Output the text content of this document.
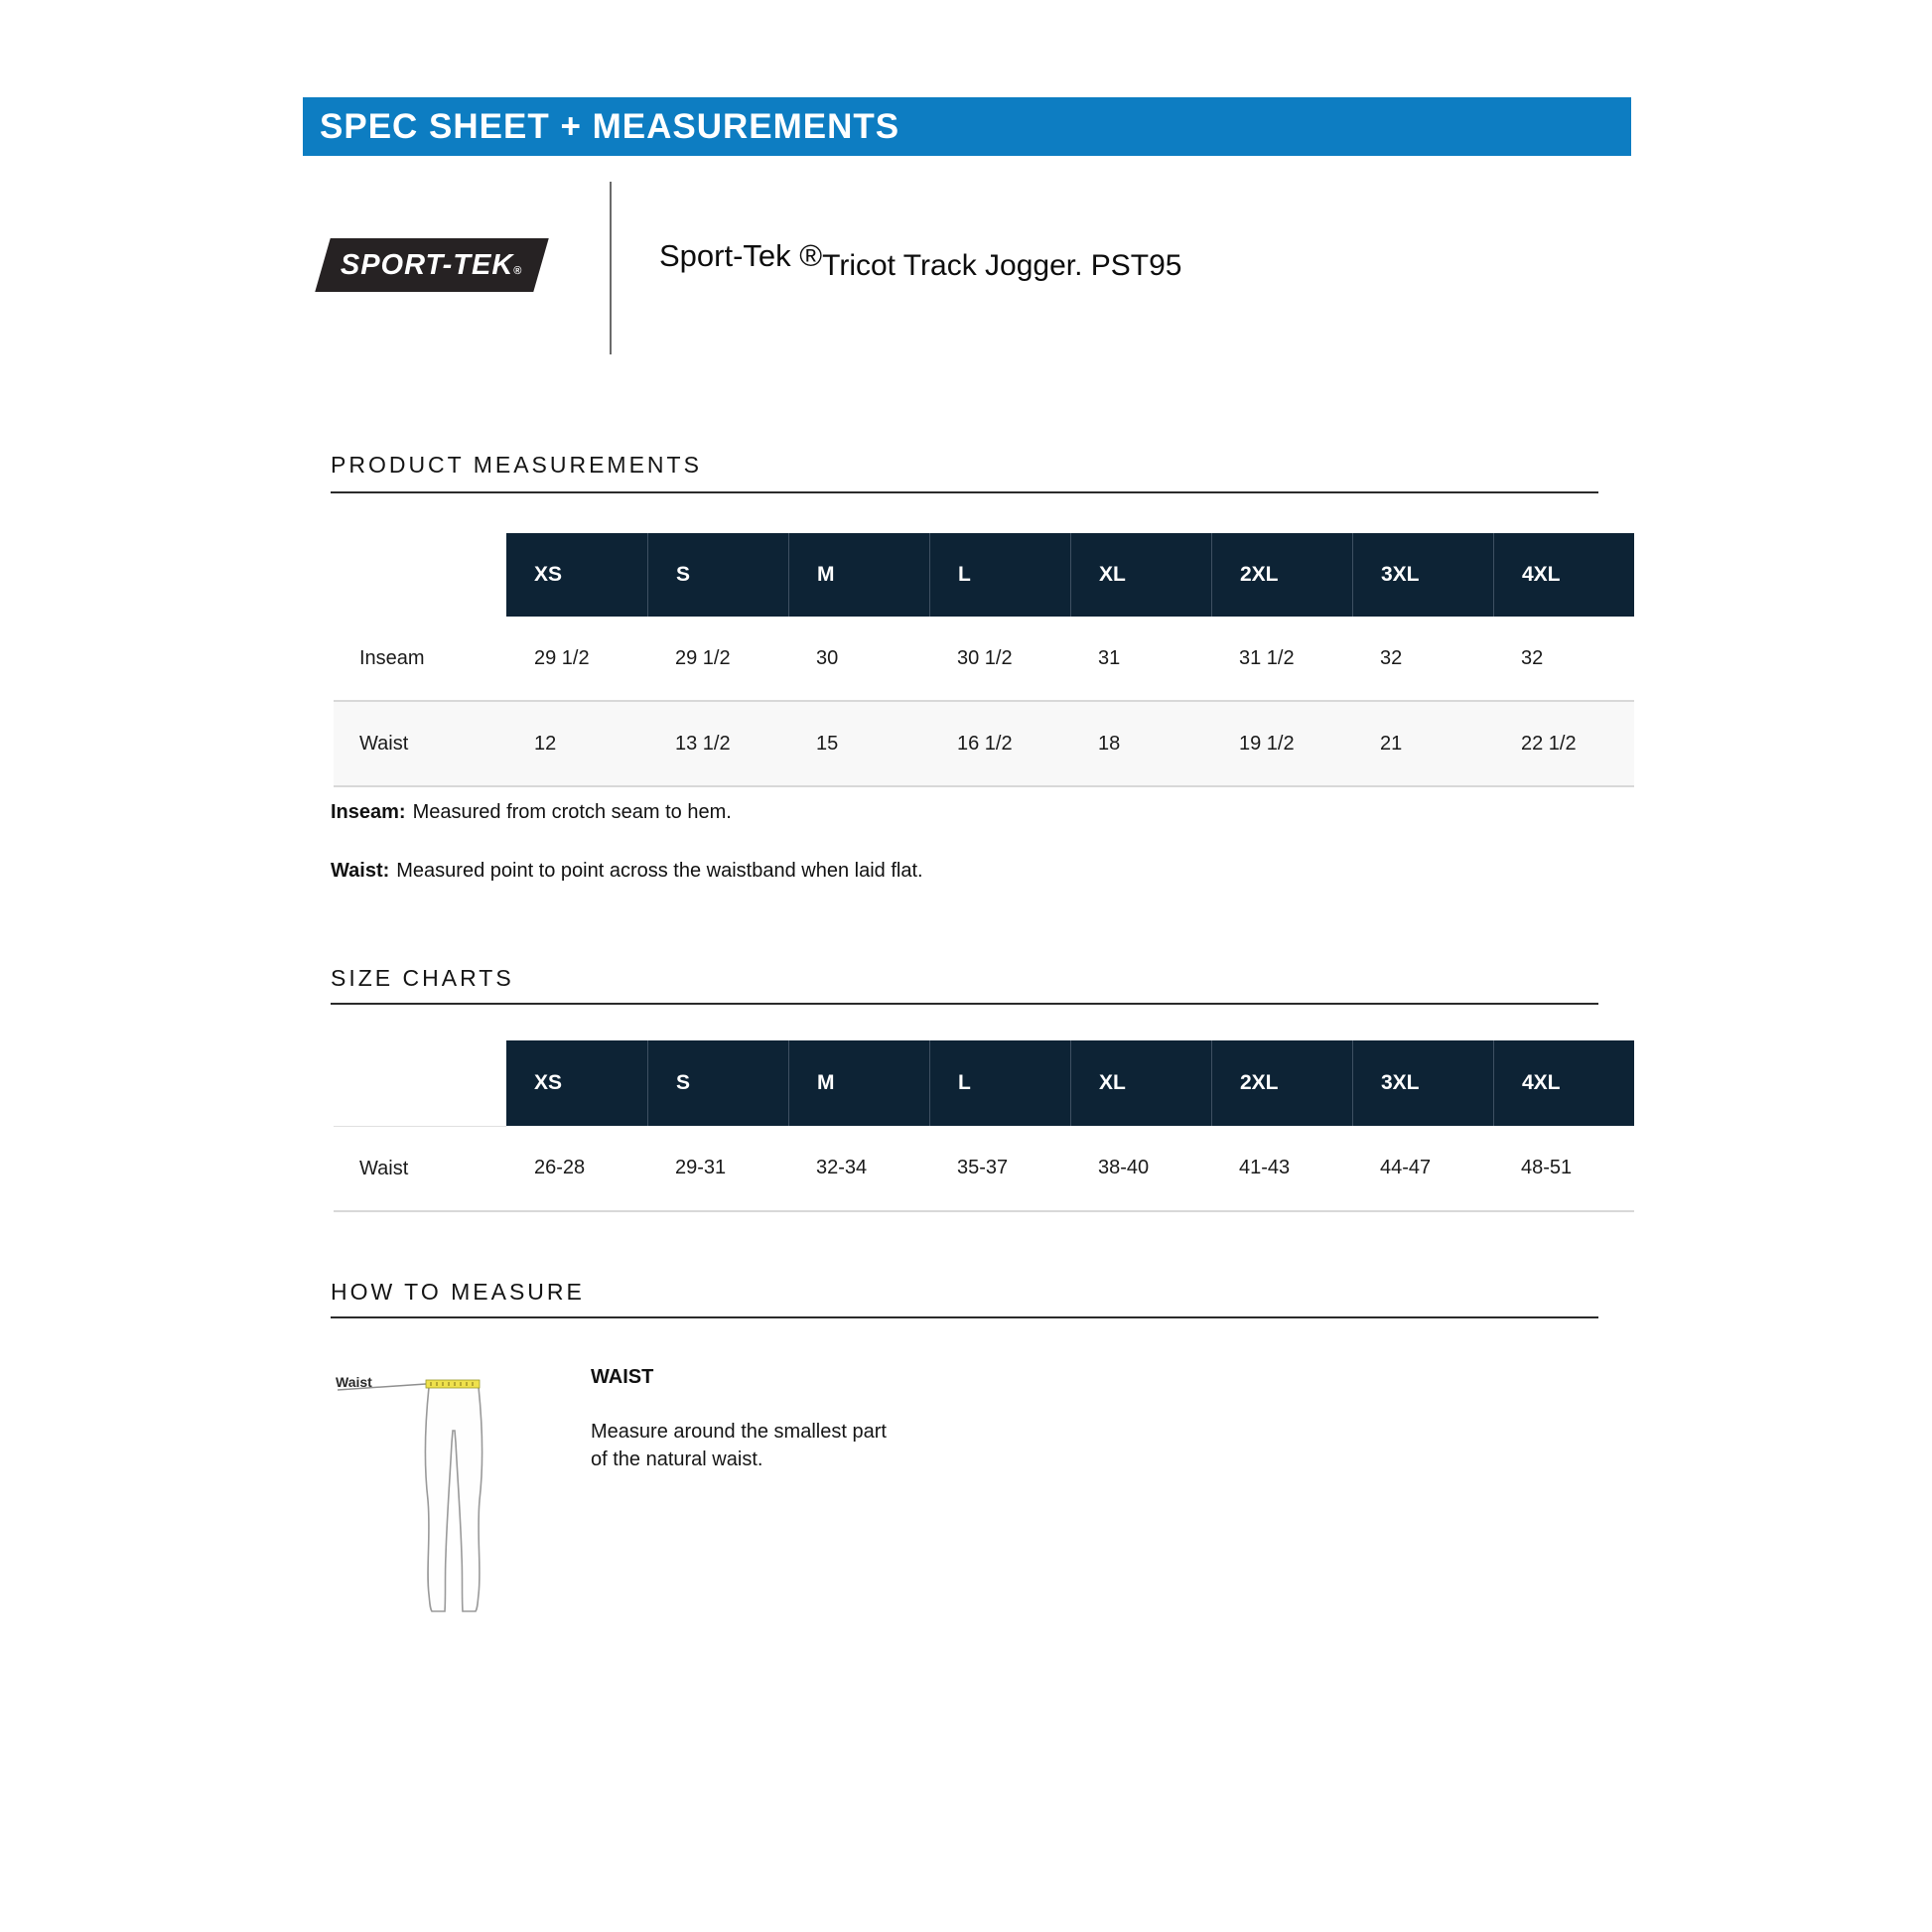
SPEC SHEET + MEASUREMENTS
SPORT-TEK®	Sport-Tek ®Tricot Track Jogger. PST95
PRODUCT MEASUREMENTS
XS	S	M	L	XL	2XL	3XL	4XL
Inseam	29 1/2	29 1/2	30	30 1/2	31	31 1/2	32	32
Waist	12	13 1/2	15	16 1/2	18	19 1/2	21	22 1/2

Inseam: Measured from crotch seam to hem.

Waist: Measured point to point across the waistband when laid flat.

SIZE CHARTS
XS	S	M	L	XL	2XL	3XL	4XL
Waist	26-28	29-31	32-34	35-37	38-40	41-43	44-47	48-51
HOW TO MEASURE
Waist	WAIST
Measure around the smallest part
of the natural waist.
